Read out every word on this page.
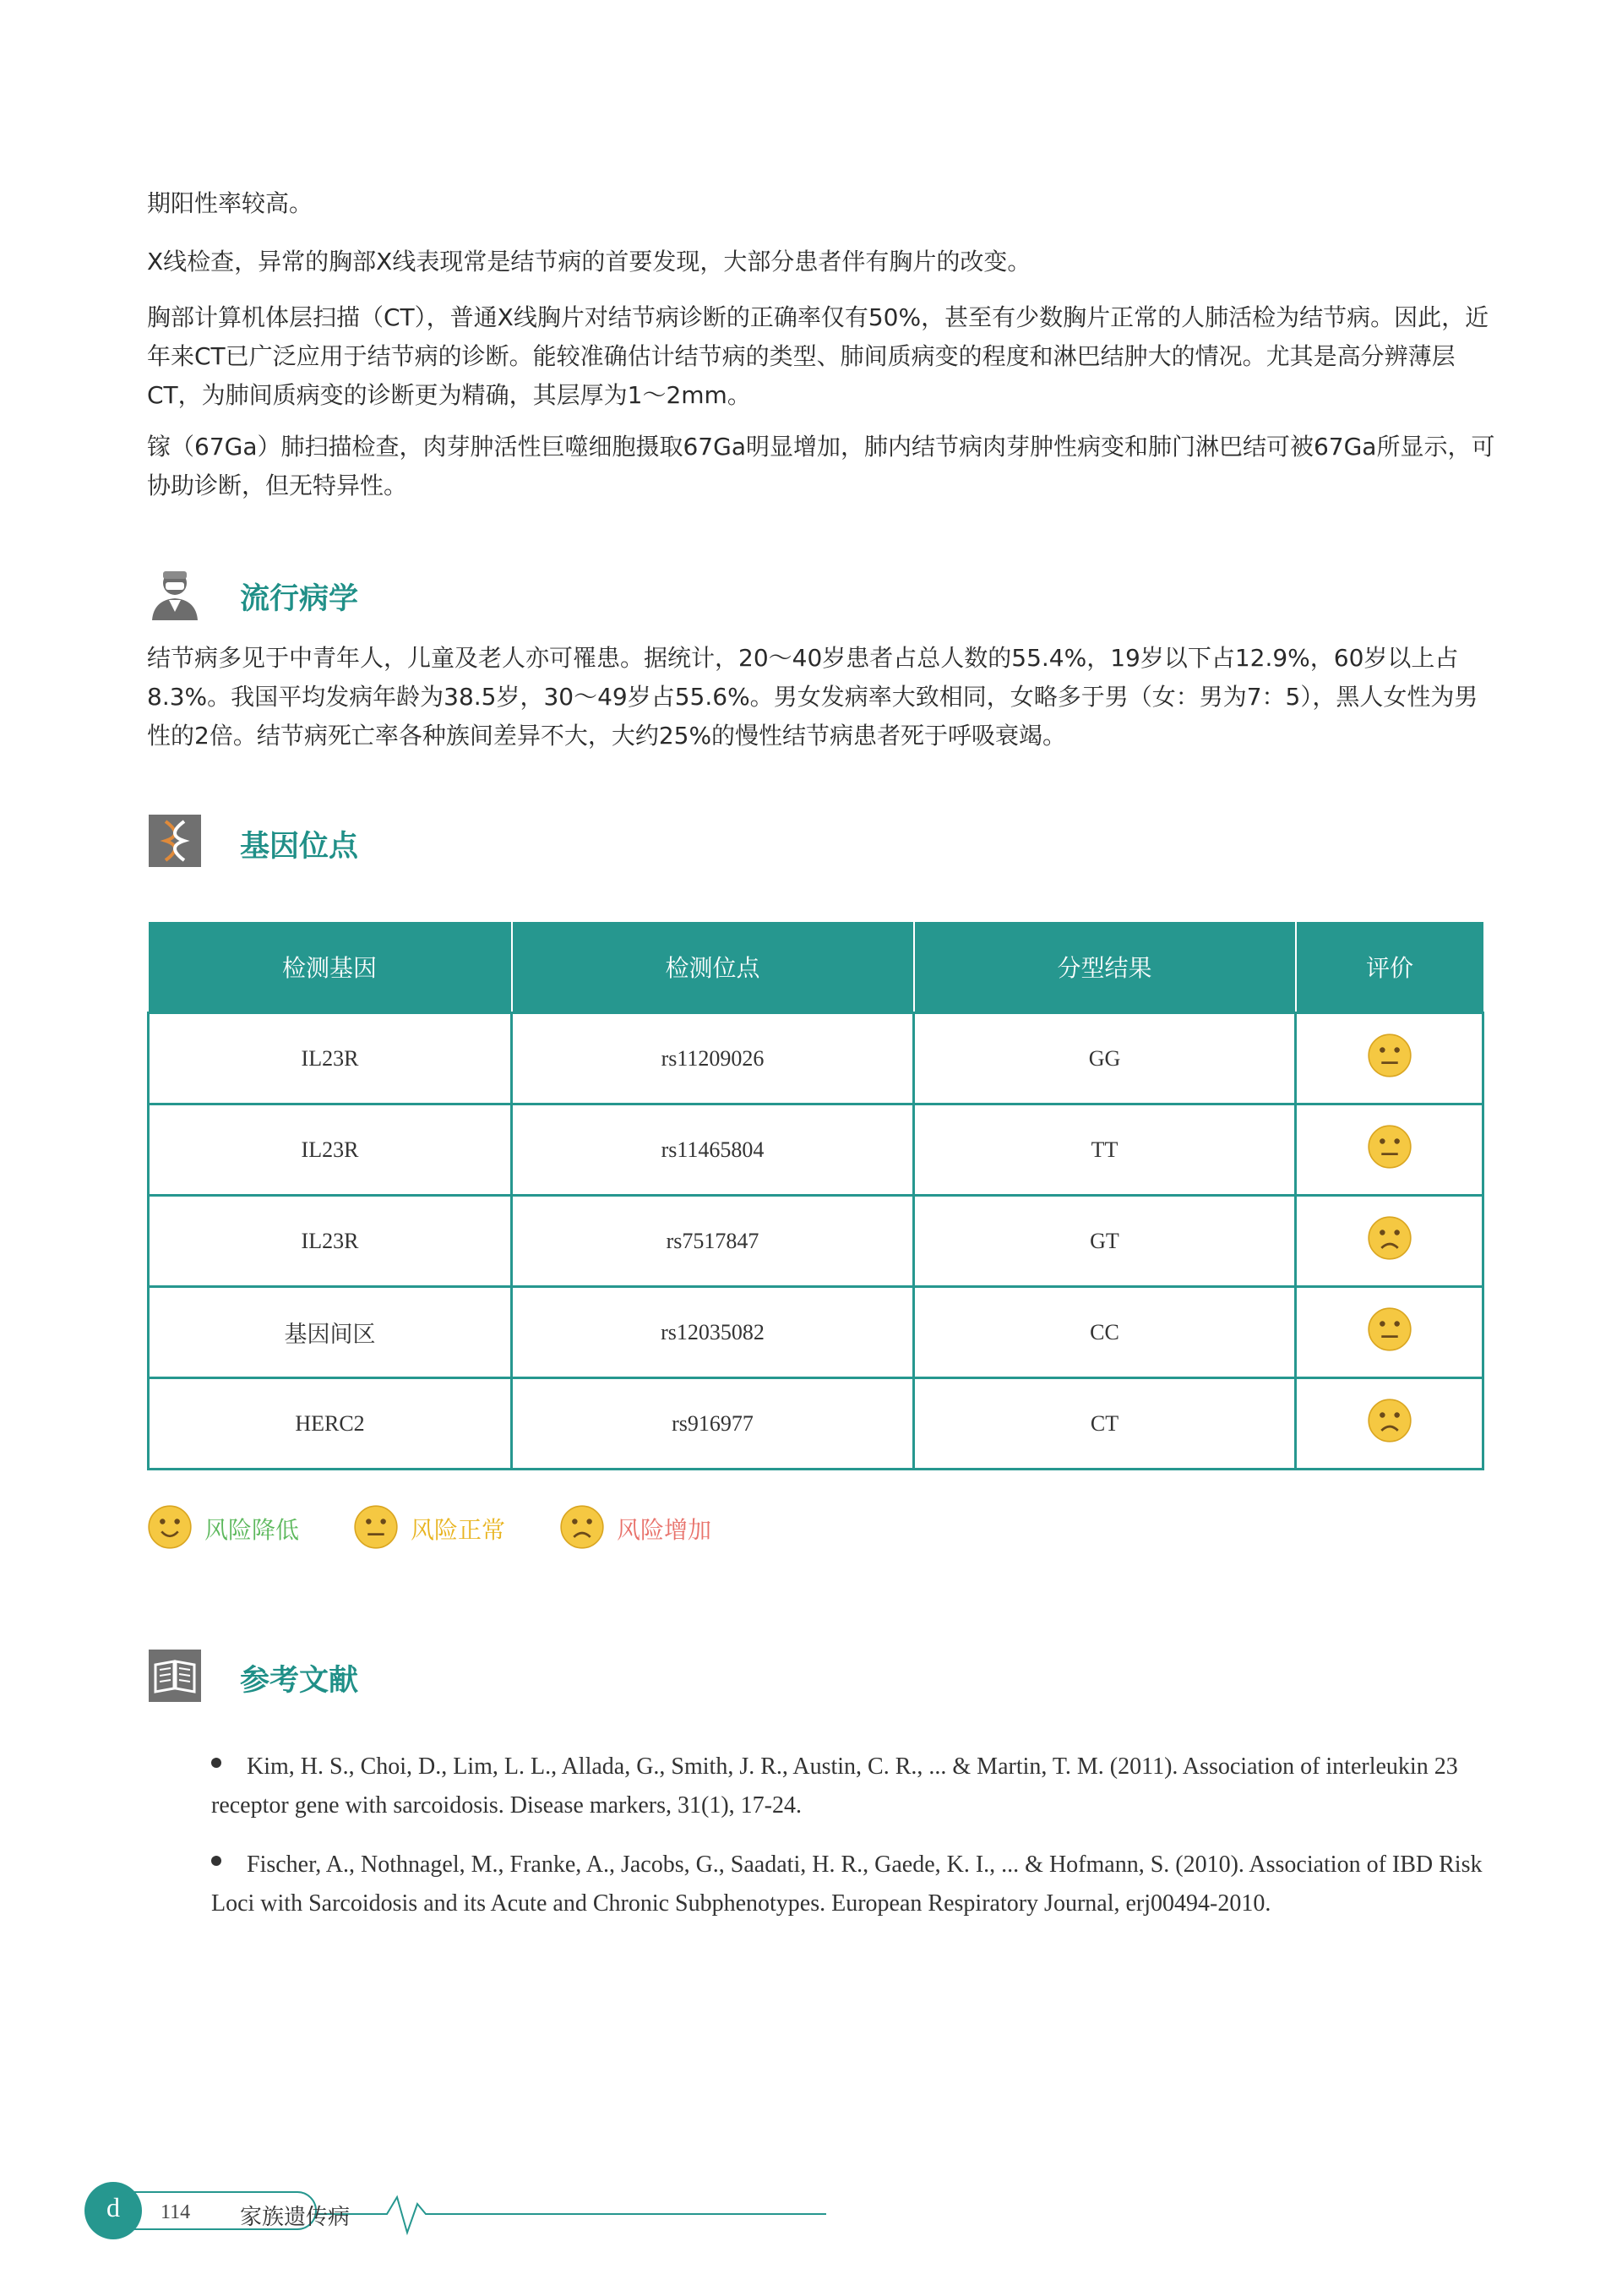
期阳性率较高。

X线检查，异常的胸部X线表现常是结节病的首要发现，大部分患者伴有胸片的改变。

胸部计算机体层扫描（CT），普通X线胸片对结节病诊断的正确率仅有50%，甚至有少数胸片正常的人肺活检为结节病。因此，近年来CT已广泛应用于结节病的诊断。能较准确估计结节病的类型、肺间质病变的程度和淋巴结肿大的情况。尤其是高分辨薄层CT，为肺间质病变的诊断更为精确，其层厚为1～2mm。

镓（67Ga）肺扫描检查，肉芽肿活性巨噬细胞摄取67Ga明显增加，肺内结节病肉芽肿性病变和肺门淋巴结可被67Ga所显示，可协助诊断，但无特异性。

流行病学

结节病多见于中青年人，儿童及老人亦可罹患。据统计，20～40岁患者占总人数的55.4%，19岁以下占12.9%，60岁以上占8.3%。我国平均发病年龄为38.5岁，30～49岁占55.6%。男女发病率大致相同，女略多于男（女：男为7：5），黑人女性为男性的2倍。结节病死亡率各种族间差异不大，大约25%的慢性结节病患者死于呼吸衰竭。

基因位点
检测基因	检测位点	分型结果	评价
IL23R	rs11209026	GG	
IL23R	rs11465804	TT	
IL23R	rs7517847	GT	
基因间区	rs12035082	CC	
HERC2	rs916977	CT	
风险降低	风险正常	风险增加
参考文献
Kim, H. S., Choi, D., Lim, L. L., Allada, G., Smith, J. R., Austin, C. R., ... & Martin, T. M. (2011). Association of interleukin 23 receptor gene with sarcoidosis. Disease markers, 31(1), 17-24.
Fischer, A., Nothnagel, M., Franke, A., Jacobs, G., Saadati, H. R., Gaede, K. I., ... & Hofmann, S. (2010). Association of IBD Risk Loci with Sarcoidosis and its Acute and Chronic Subphenotypes. European Respiratory Journal, erj00494-2010.
d 114 家族遗传病
